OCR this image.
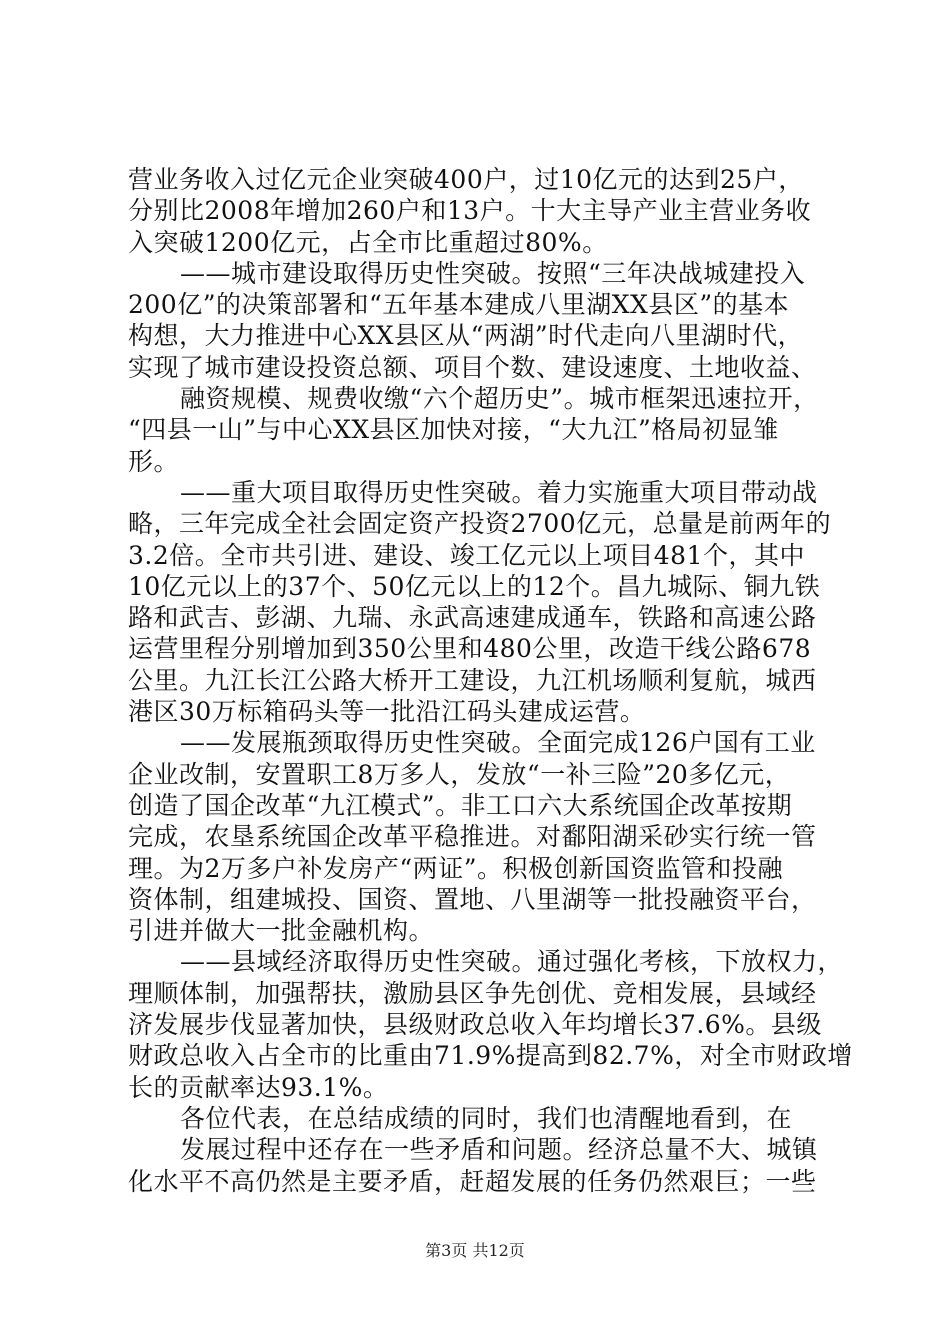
营业务收入过亿元企业突破400户，过10亿元的达到25户，
分别比2008年增加260户和13户。十大主导产业主营业务收
入突破1200亿元，占全市比重超过80%。
——城市建设取得历史性突破。按照“三年决战城建投入
200亿”的决策部署和“五年基本建成八里湖XX县区”的基本
构想，大力推进中心XX县区从“两湖”时代走向八里湖时代，
实现了城市建设投资总额、项目个数、建设速度、土地收益、
融资规模、规费收缴“六个超历史”。城市框架迅速拉开，
“四县一山”与中心XX县区加快对接，“大九江”格局初显雏
形。
——重大项目取得历史性突破。着力实施重大项目带动战
略，三年完成全社会固定资产投资2700亿元，总量是前两年的
3.2倍。全市共引进、建设、竣工亿元以上项目481个，其中
10亿元以上的37个、50亿元以上的12个。昌九城际、铜九铁
路和武吉、彭湖、九瑞、永武高速建成通车，铁路和高速公路
运营里程分别增加到350公里和480公里，改造干线公路678
公里。九江长江公路大桥开工建设，九江机场顺利复航，城西
港区30万标箱码头等一批沿江码头建成运营。
——发展瓶颈取得历史性突破。全面完成126户国有工业
企业改制，安置职工8万多人，发放“一补三险”20多亿元，
创造了国企改革“九江模式”。非工口六大系统国企改革按期
完成，农垦系统国企改革平稳推进。对鄱阳湖采砂实行统一管
理。为2万多户补发房产“两证”。积极创新国资监管和投融
资体制，组建城投、国资、置地、八里湖等一批投融资平台，
引进并做大一批金融机构。
——县域经济取得历史性突破。通过强化考核，下放权力，
理顺体制，加强帮扶，激励县区争先创优、竞相发展，县域经
济发展步伐显著加快，县级财政总收入年均增长37.6%。县级
财政总收入占全市的比重由71.9%提高到82.7%，对全市财政增
长的贡献率达93.1%。
各位代表，在总结成绩的同时，我们也清醒地看到，在
发展过程中还存在一些矛盾和问题。经济总量不大、城镇
化水平不高仍然是主要矛盾，赶超发展的任务仍然艰巨；一些
第3页 共12页
